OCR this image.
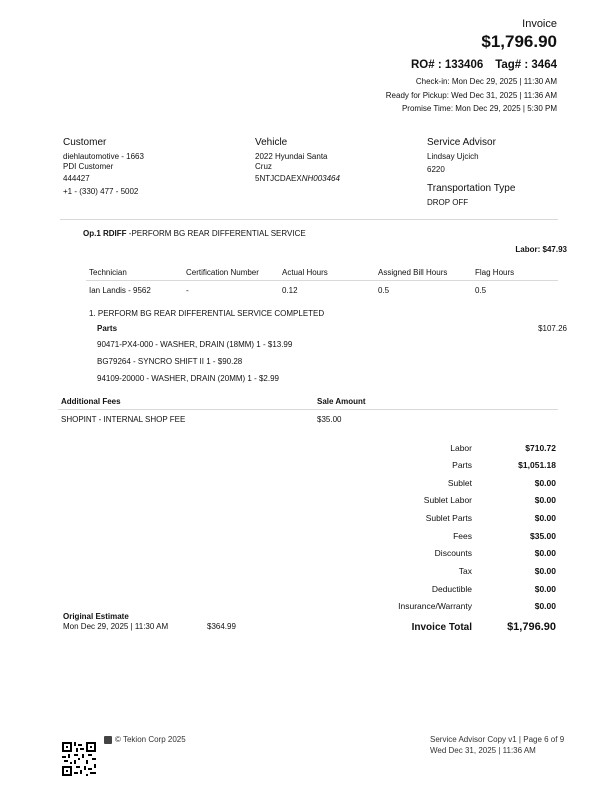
Invoice
$1,796.90
RO# : 133406	Tag# : 3464
Check-in: Mon Dec 29, 2025 | 11:30 AM
Ready for Pickup: Wed Dec 31, 2025 | 11:36 AM
Promise Time: Mon Dec 29, 2025 | 5:30 PM
Customer
diehlautomotive - 1663
PDI Customer
444427
+1 - (330) 477 - 5002
Vehicle
2022 Hyundai Santa
Cruz
5NTJCDAEXNH003464
Service Advisor
Lindsay Ujcich
6220
Transportation Type
DROP OFF
Op.1 RDIFF -PERFORM BG REAR DIFFERENTIAL SERVICE
Labor: $47.93
Technician	Certification Number	Actual Hours	Assigned Bill Hours	Flag Hours
Ian Landis - 9562	-	0.12	0.5	0.5
1. PERFORM BG REAR DIFFERENTIAL SERVICE COMPLETED
Parts	$107.26
90471-PX4-000 - WASHER, DRAIN (18MM) 1 - $13.99
BG79264 - SYNCRO SHIFT II 1 - $90.28
94109-20000 - WASHER, DRAIN (20MM) 1 - $2.99
Additional Fees	Sale Amount
SHOPINT - INTERNAL SHOP FEE	$35.00
Labor	$710.72
Parts	$1,051.18
Sublet	$0.00
Sublet Labor	$0.00
Sublet Parts	$0.00
Fees	$35.00
Discounts	$0.00
Tax	$0.00
Deductible	$0.00
Insurance/Warranty	$0.00
Invoice Total	$1,796.90
Original Estimate
Mon Dec 29, 2025 | 11:30 AM	$364.99
© Tekion Corp 2025	Service Advisor Copy v1 | Page 6 of 9
Wed Dec 31, 2025 | 11:36 AM
